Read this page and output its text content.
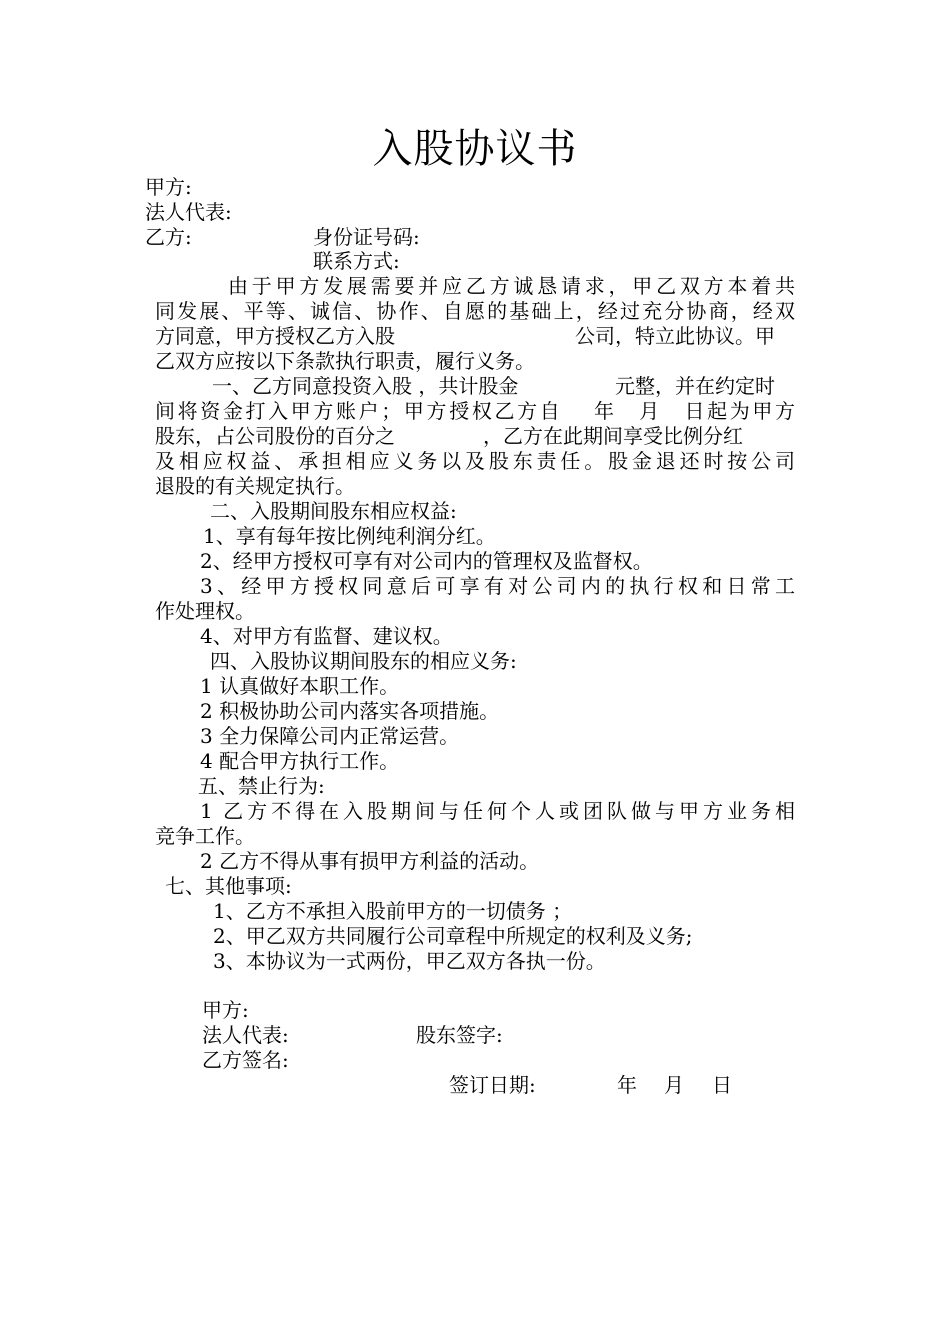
入股协议书
甲方:
法人代表:
乙方:	身份证号码:
联系方式:
由于甲方发展需要并应乙方诚恳请求，甲乙双方本着共
同发展、平等、诚信、协作、自愿的基础上，经过充分协商，经双
方同意，甲方授权乙方入股	公司，特立此协议。甲
乙双方应按以下条款执行职责，履行义务。
一、乙方同意投资入股 ，共计股金	元整，并在约定时
间将资金打入甲方账户；甲方授权乙方自　 年　月　日起为甲方
股东，占公司股份的百分之	，乙方在此期间享受比例分红
及相应权益、承担相应义务以及股东责任。股金退还时按公司
退股的有关规定执行。
二、入股期间股东相应权益:
1、享有每年按比例纯利润分红。
2、经甲方授权可享有对公司内的管理权及监督权。
3、经甲方授权同意后可享有对公司内的执行权和日常工
作处理权。
4、对甲方有监督、建议权。
四、入股协议期间股东的相应义务:
1 认真做好本职工作。
2 积极协助公司内落实各项措施。
3 全力保障公司内正常运营。
4 配合甲方执行工作。
五、禁止行为:
1 乙方不得在入股期间与任何个人或团队做与甲方业务相
竞争工作。
2 乙方不得从事有损甲方利益的活动。
七、其他事项:
1、乙方不承担入股前甲方的一切债务 ；
2、甲乙双方共同履行公司章程中所规定的权利及义务;
3、本协议为一式两份，甲乙双方各执一份。
甲方:
法人代表:	股东签字:
乙方签名:
签订日期:	年 月 日
